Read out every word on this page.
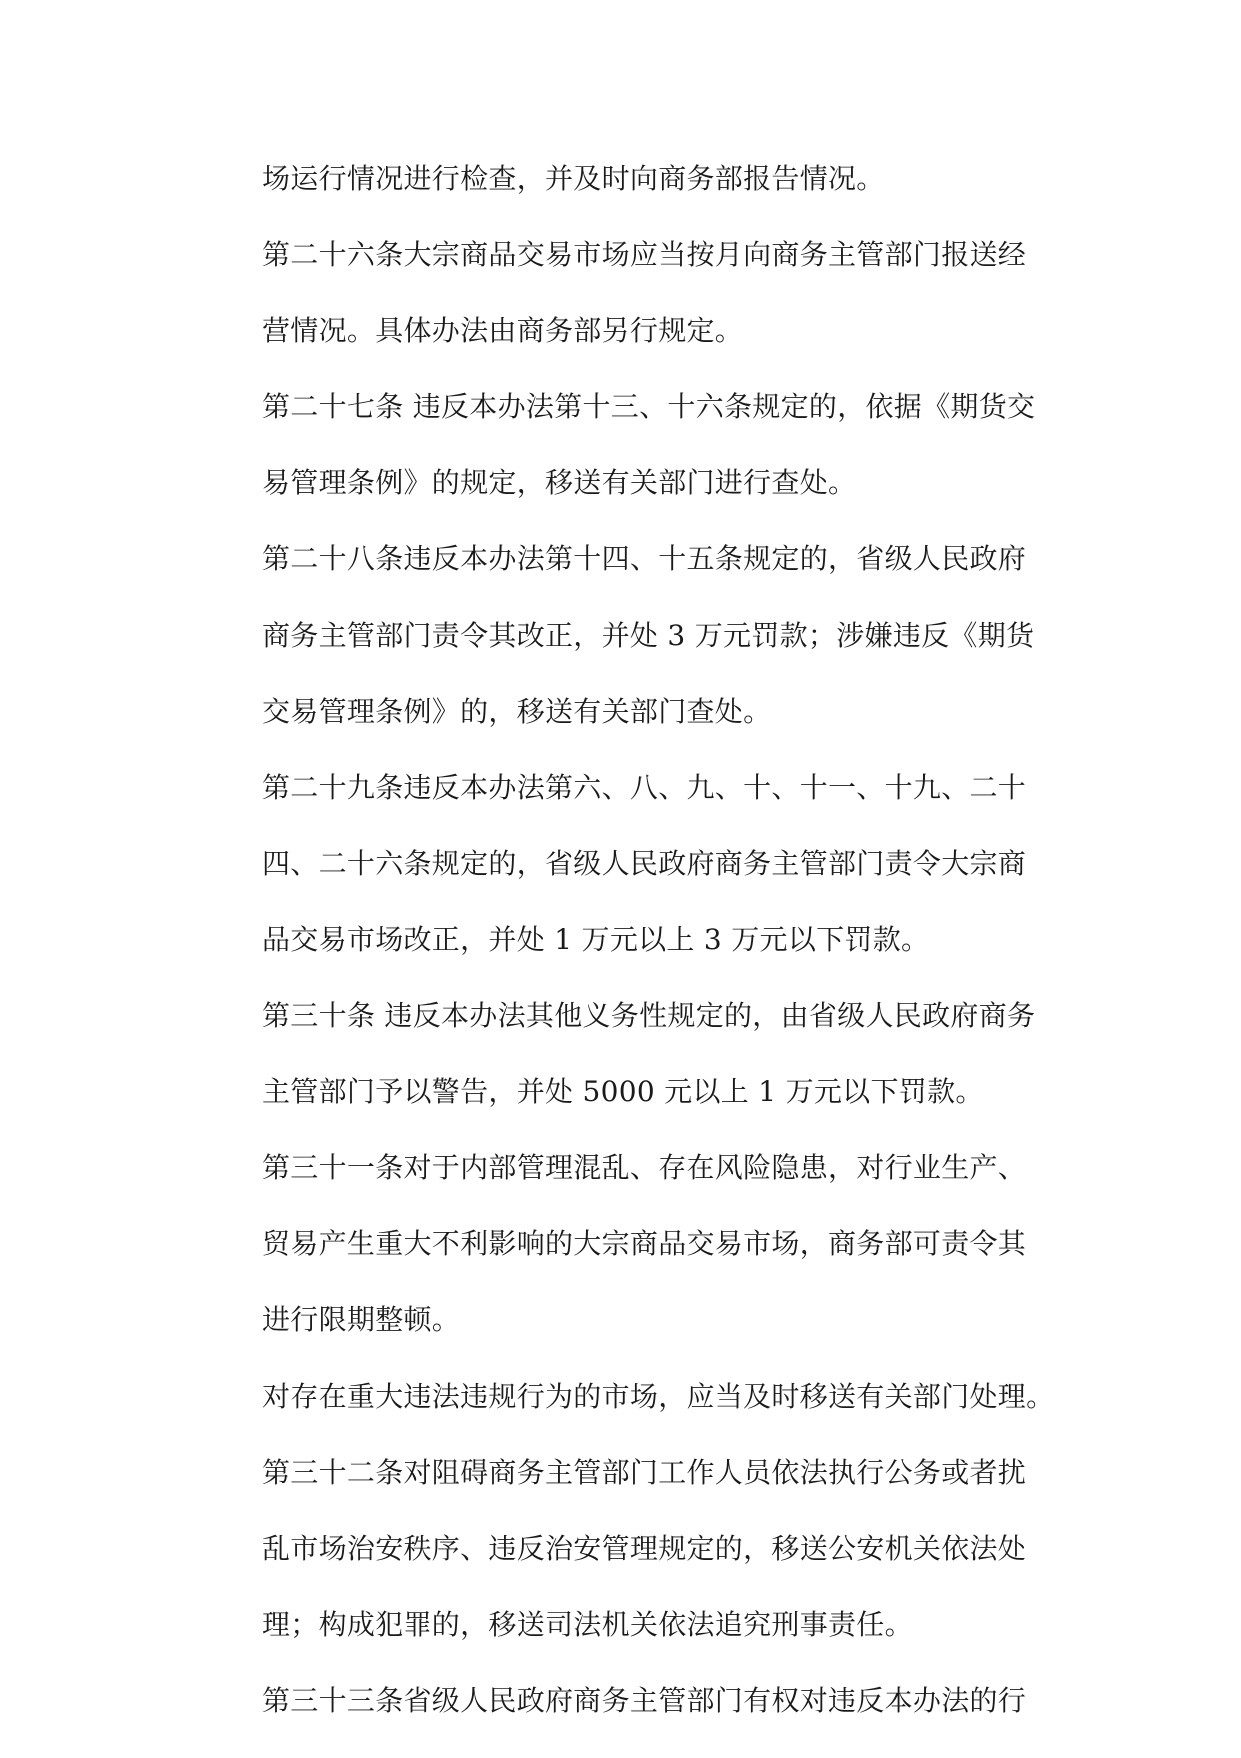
场运行情况进行检查，并及时向商务部报告情况。
第二十六条大宗商品交易市场应当按月向商务主管部门报送经
营情况。具体办法由商务部另行规定。
第二十七条 违反本办法第十三、十六条规定的，依据《期货交
易管理条例》的规定，移送有关部门进行查处。
第二十八条违反本办法第十四、十五条规定的，省级人民政府
商务主管部门责令其改正，并处 3 万元罚款；涉嫌违反《期货
交易管理条例》的，移送有关部门查处。
第二十九条违反本办法第六、八、九、十、十一、十九、二十
四、二十六条规定的，省级人民政府商务主管部门责令大宗商
品交易市场改正，并处 1 万元以上 3 万元以下罚款。
第三十条 违反本办法其他义务性规定的，由省级人民政府商务
主管部门予以警告，并处 5000 元以上 1 万元以下罚款。
第三十一条对于内部管理混乱、存在风险隐患，对行业生产、
贸易产生重大不利影响的大宗商品交易市场，商务部可责令其
进行限期整顿。
对存在重大违法违规行为的市场，应当及时移送有关部门处理。
第三十二条对阻碍商务主管部门工作人员依法执行公务或者扰
乱市场治安秩序、违反治安管理规定的，移送公安机关依法处
理；构成犯罪的，移送司法机关依法追究刑事责任。
第三十三条省级人民政府商务主管部门有权对违反本办法的行
